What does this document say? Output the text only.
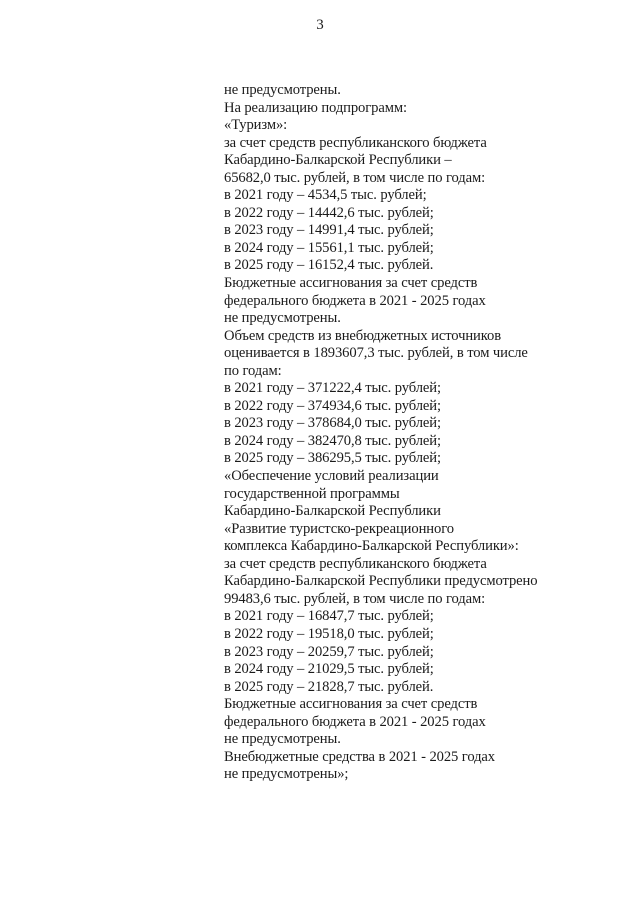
3
не предусмотрены.
На реализацию подпрограмм:
«Туризм»:
за счет средств республиканского бюджета
Кабардино-Балкарской Республики –
65682,0 тыс. рублей, в том числе по годам:
в 2021 году – 4534,5 тыс. рублей;
в 2022 году – 14442,6 тыс. рублей;
в 2023 году – 14991,4 тыс. рублей;
в 2024 году – 15561,1 тыс. рублей;
в 2025 году – 16152,4 тыс. рублей.
Бюджетные ассигнования за счет средств
федерального бюджета в 2021 - 2025 годах
не предусмотрены.
Объем средств из внебюджетных источников
оценивается в 1893607,3 тыс. рублей, в том числе
по годам:
в 2021 году – 371222,4 тыс. рублей;
в 2022 году – 374934,6 тыс. рублей;
в 2023 году – 378684,0 тыс. рублей;
в 2024 году – 382470,8 тыс. рублей;
в 2025 году – 386295,5 тыс. рублей;
«Обеспечение условий реализации
государственной программы
Кабардино-Балкарской Республики
«Развитие туристско-рекреационного
комплекса Кабардино-Балкарской Республики»:
за счет средств республиканского бюджета
Кабардино-Балкарской Республики предусмотрено
99483,6 тыс. рублей, в том числе по годам:
в 2021 году – 16847,7 тыс. рублей;
в 2022 году – 19518,0 тыс. рублей;
в 2023 году – 20259,7 тыс. рублей;
в 2024 году – 21029,5 тыс. рублей;
в 2025 году – 21828,7 тыс. рублей.
Бюджетные ассигнования за счет средств
федерального бюджета в 2021 - 2025 годах
не предусмотрены.
Внебюджетные средства в 2021 - 2025 годах
не предусмотрены»;
